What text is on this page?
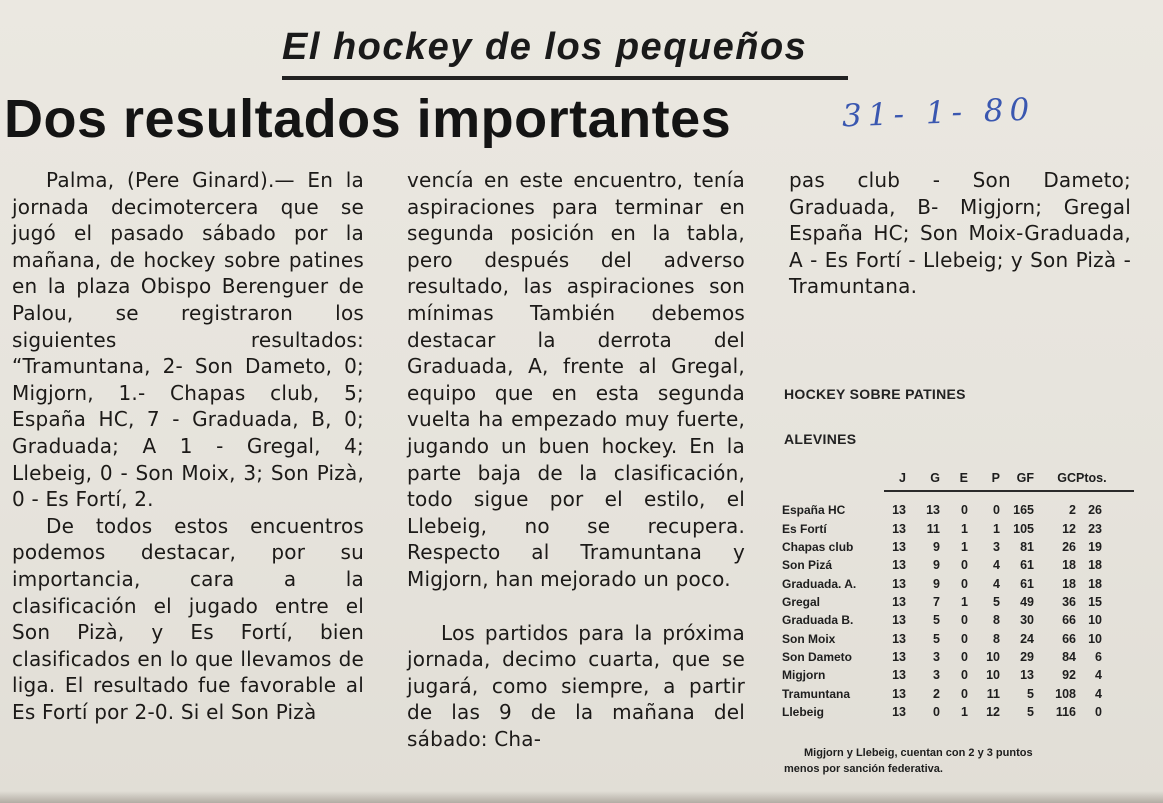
El hockey de los pequeños
Dos resultados importantes	31- 1- 80

Palma, (Pere Ginard).— En la jornada decimotercera que se jugó el pasado sábado por la mañana, de hockey sobre patines en la plaza Obispo Berenguer de Palou, se registraron los siguientes resultados: “Tramuntana, 2- Son Dameto, 0; Migjorn, 1.- Chapas club, 5; España HC, 7 - Graduada, B, 0; Graduada; A 1 - Gregal, 4; Llebeig, 0 - Son Moix, 3; Son Pizà, 0 - Es Fortí, 2.

De todos estos encuentros podemos destacar, por su importancia, cara a la clasificación el jugado entre el Son Pizà, y Es Fortí, bien clasificados en lo que llevamos de liga. El resultado fue favorable al Es Fortí por 2-0. Si el Son Pizà

vencía en este encuentro, tenía aspiraciones para terminar en segunda posición en la tabla, pero después del adverso resultado, las aspiraciones son mínimas También debemos destacar la derrota del Graduada, A, frente al Gregal, equipo que en esta segunda vuelta ha empezado muy fuerte, jugando un buen hockey. En la parte baja de la clasificación, todo sigue por el estilo, el Llebeig, no se recupera. Respecto al Tramuntana y Migjorn, han mejorado un poco.

Los partidos para la próxima jornada, decimo cuarta, que se jugará, como siempre, a partir de las 9 de la mañana del sábado: Cha-

pas club - Son Dameto; Graduada, B- Migjorn; Gregal España HC; Son Moix-Graduada, A - Es Fortí - Llebeig; y Son Pizà - Tramuntana.

HOCKEY SOBRE PATINES
ALEVINES
J	G	E	P	GF	GC Ptos.
España HC	13	13	0	0	165	2 26
Es Fortí	13	11	1	1	105	12 23
Chapas club	13	9	1	3	81	26 19
Son Pizá	13	9	0	4	61	18 18
Graduada. A.	13	9	0	4	61	18 18
Gregal	13	7	1	5	49	36 15
Graduada B.	13	5	0	8	30	66 10
Son Moix	13	5	0	8	24	66 10
Son Dameto	13	3	0	10	29	84	6
Migjorn	13	3	0	10	13	92	4
Tramuntana	13	2	0	11	5	108	4
Llebeig	13	0	1	12	5	116	0
Migjorn y Llebeig, cuentan con 2 y 3 puntos
menos por sanción federativa.
